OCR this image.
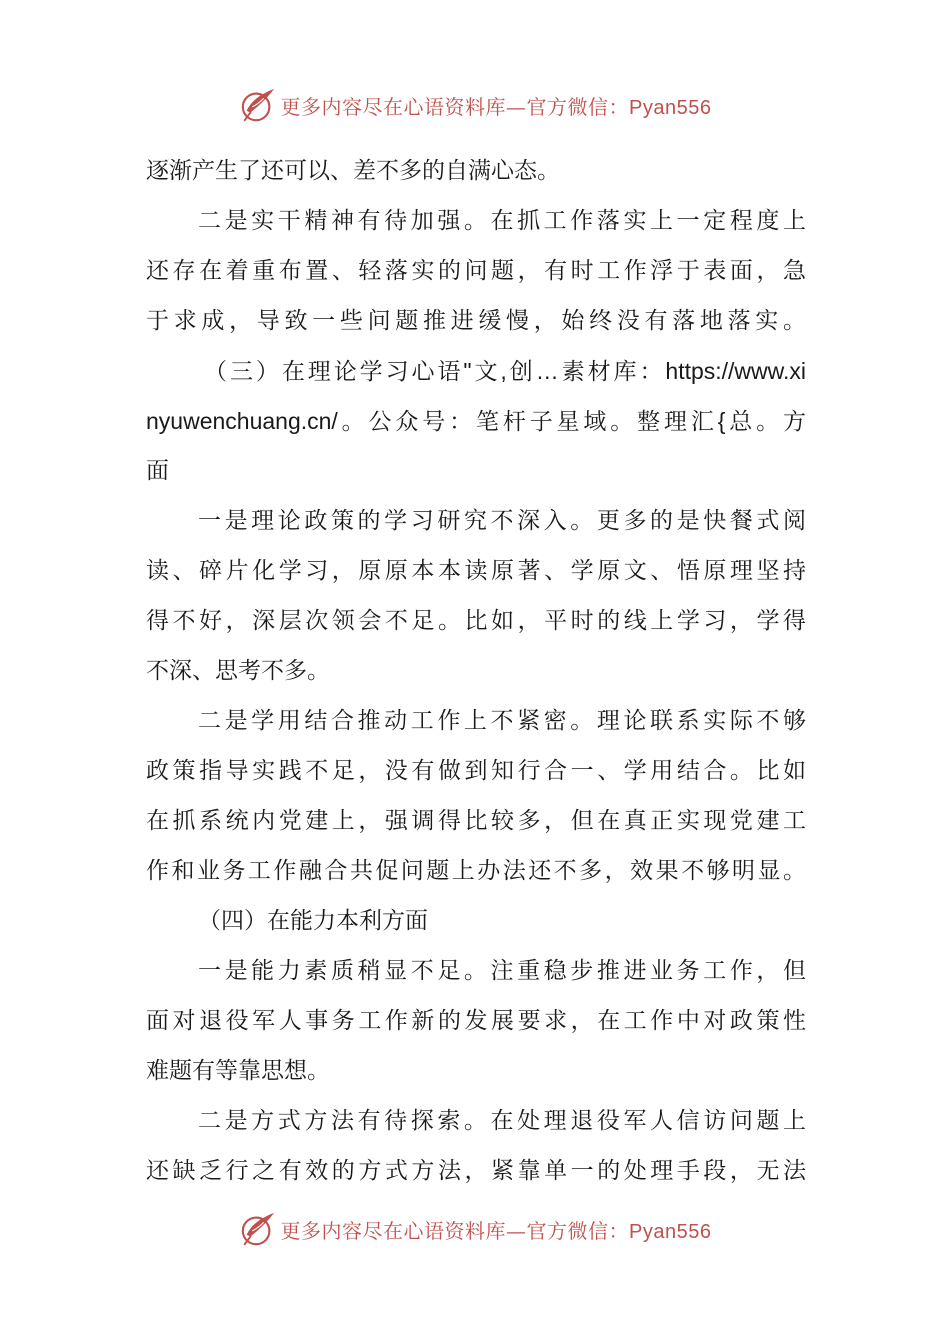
更多内容尽在心语资料库—官方微信：Pyan556
逐渐产生了还可以、差不多的自满心态。
二是实干精神有待加强。在抓工作落实上一定程度上
还存在着重布置、轻落实的问题，有时工作浮于表面，急
于求成，导致一些问题推进缓慢，始终没有落地落实。
（三）在理论学习心语"文,创…素材库：https://www.xi
nyuwenchuang.cn/。公众号：笔杆子星域。整理汇{总。方
面
一是理论政策的学习研究不深入。更多的是快餐式阅
读、碎片化学习，原原本本读原著、学原文、悟原理坚持
得不好，深层次领会不足。比如，平时的线上学习，学得
不深、思考不多。
二是学用结合推动工作上不紧密。理论联系实际不够
政策指导实践不足，没有做到知行合一、学用结合。比如
在抓系统内党建上，强调得比较多，但在真正实现党建工
作和业务工作融合共促问题上办法还不多，效果不够明显。
（四）在能力本利方面
一是能力素质稍显不足。注重稳步推进业务工作，但
面对退役军人事务工作新的发展要求，在工作中对政策性
难题有等靠思想。
二是方式方法有待探索。在处理退役军人信访问题上
还缺乏行之有效的方式方法，紧靠单一的处理手段，无法
更多内容尽在心语资料库—官方微信：Pyan556
